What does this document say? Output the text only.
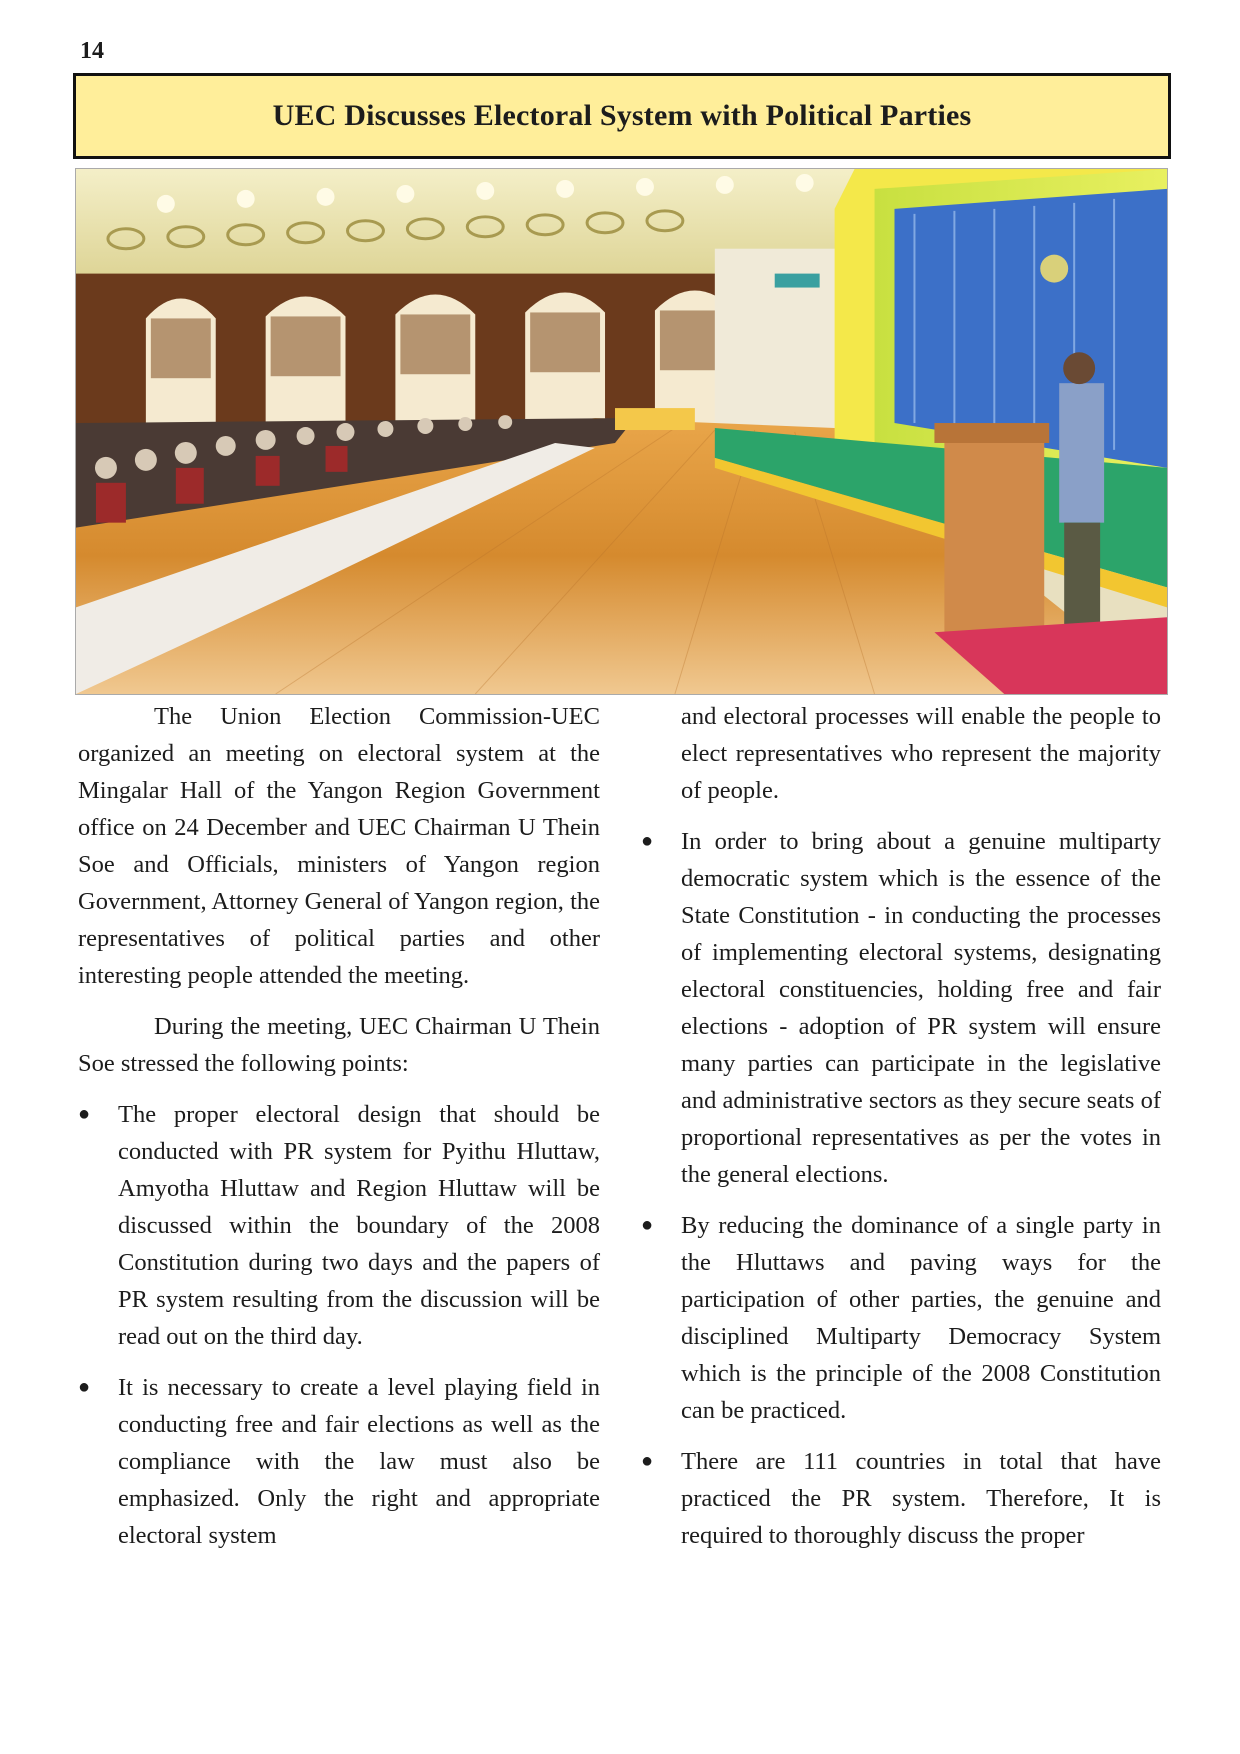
14
UEC Discusses Electoral System with Political Parties

The Union Election Commission-UEC organized an meeting on electoral system at the Mingalar Hall of the Yangon Region Government office on 24 December and UEC Chairman U Thein Soe and Officials, ministers of Yangon region Government, Attorney General of Yangon region, the representatives of political parties and other interesting people attended the meeting.

During the meeting, UEC Chairman U Thein Soe stressed the following points:

●	The proper electoral design that should be conducted with PR system for Pyithu Hluttaw, Amyotha Hluttaw and Region Hluttaw will be discussed within the boundary of the 2008 Constitution during two days and the papers of PR system resulting from the discussion will be read out on the third day.
●	It is necessary to create a level playing field in conducting free and fair elections as well as the compliance with the law must also be emphasized. Only the right and appropriate electoral system
and electoral processes will enable the people to elect representatives who represent the majority of people.
●	In order to bring about a genuine multiparty democratic system which is the essence of the State Constitution - in conducting the processes of implementing electoral systems, designating electoral constituencies, holding free and fair elections - adoption of PR system will ensure many parties can participate in the legislative and administrative sectors as they secure seats of proportional representatives as per the votes in the general elections.
●	By reducing the dominance of a single party in the Hluttaws and paving ways for the participation of other parties, the genuine and disciplined Multiparty Democracy System which is the principle of the 2008 Constitution can be practiced.
●	There are 111 countries in total that have practiced the PR system. Therefore, It is required to thoroughly discuss the proper
